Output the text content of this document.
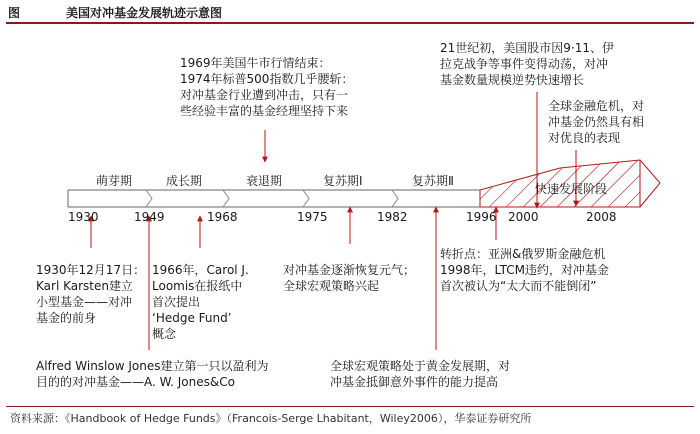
图	美国对冲基金发展轨迹示意图
萌芽期	成长期	衰退期	复苏期Ⅰ	复苏期Ⅱ
快速发展阶段
1930	1949	1968	1975	1982	1996 2000	2008
1969年美国牛市行情结束：
1974年标普500指数几乎腰斩：
对冲基金行业遭到冲击，只有一
些经验丰富的基金经理坚持下来
21世纪初，美国股市因9·11、伊
拉克战争等事件变得动荡，对冲
基金数量规模逆势快速增长
全球金融危机，对
冲基金仍然具有相
对优良的表现
1930年12月17日：
Karl Karsten建立
小型基金——对冲
基金的前身
1966年，Carol J.
Loomis在报纸中
首次提出
‘Hedge Fund’
概念
对冲基金逐渐恢复元气；
全球宏观策略兴起
转折点：亚洲&俄罗斯金融危机
1998年，LTCM违约，对冲基金
首次被认为“太大而不能倒闭”
Alfred Winslow Jones建立第一只以盈利为
目的的对冲基金——A. W. Jones&Co
全球宏观策略处于黄金发展期，对
冲基金抵御意外事件的能力提高
资料来源：《Handbook of Hedge Funds》（Francois-Serge Lhabitant，Wiley2006），华泰证券研究所
